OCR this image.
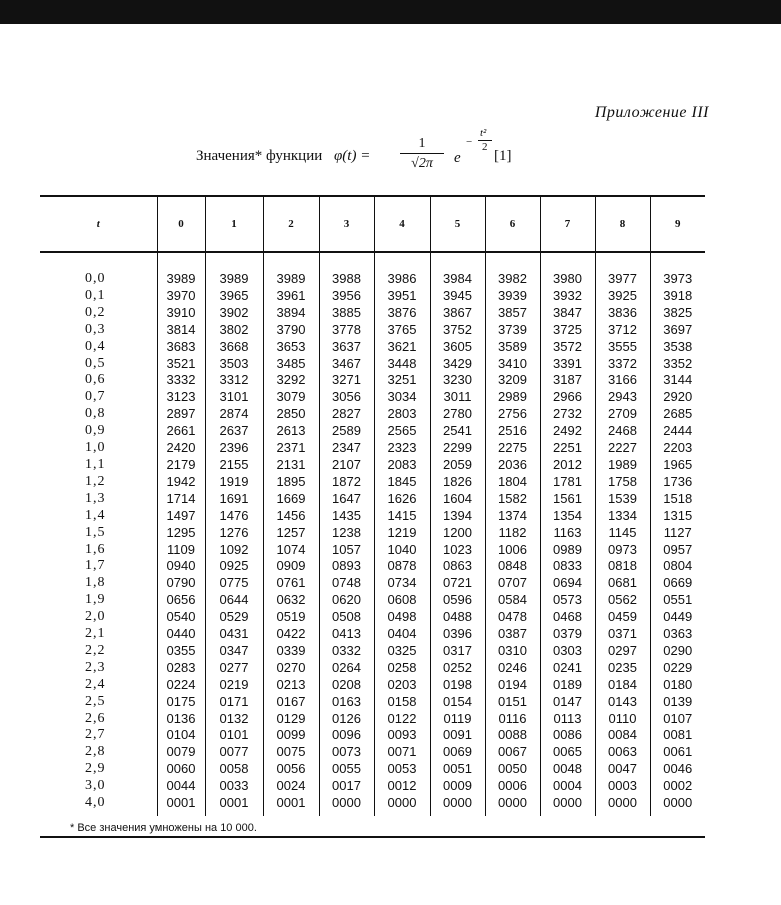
Приложение III
Значения* функции φ(t) =
1
√2π	e
−
t²
2
[1]
t	0	1	2	3	4	5	6	7	8	9

0,0	3989	3989	3989	3988	3986	3984	3982	3980	3977	3973
0,1	3970	3965	3961	3956	3951	3945	3939	3932	3925	3918
0,2	3910	3902	3894	3885	3876	3867	3857	3847	3836	3825
0,3	3814	3802	3790	3778	3765	3752	3739	3725	3712	3697
0,4	3683	3668	3653	3637	3621	3605	3589	3572	3555	3538
0,5	3521	3503	3485	3467	3448	3429	3410	3391	3372	3352
0,6	3332	3312	3292	3271	3251	3230	3209	3187	3166	3144
0,7	3123	3101	3079	3056	3034	3011	2989	2966	2943	2920
0,8	2897	2874	2850	2827	2803	2780	2756	2732	2709	2685
0,9	2661	2637	2613	2589	2565	2541	2516	2492	2468	2444
1,0	2420	2396	2371	2347	2323	2299	2275	2251	2227	2203
1,1	2179	2155	2131	2107	2083	2059	2036	2012	1989	1965
1,2	1942	1919	1895	1872	1845	1826	1804	1781	1758	1736
1,3	1714	1691	1669	1647	1626	1604	1582	1561	1539	1518
1,4	1497	1476	1456	1435	1415	1394	1374	1354	1334	1315
1,5	1295	1276	1257	1238	1219	1200	1182	1163	1145	1127
1,6	1109	1092	1074	1057	1040	1023	1006	0989	0973	0957
1,7	0940	0925	0909	0893	0878	0863	0848	0833	0818	0804
1,8	0790	0775	0761	0748	0734	0721	0707	0694	0681	0669
1,9	0656	0644	0632	0620	0608	0596	0584	0573	0562	0551
2,0	0540	0529	0519	0508	0498	0488	0478	0468	0459	0449
2,1	0440	0431	0422	0413	0404	0396	0387	0379	0371	0363
2,2	0355	0347	0339	0332	0325	0317	0310	0303	0297	0290
2,3	0283	0277	0270	0264	0258	0252	0246	0241	0235	0229
2,4	0224	0219	0213	0208	0203	0198	0194	0189	0184	0180
2,5	0175	0171	0167	0163	0158	0154	0151	0147	0143	0139
2,6	0136	0132	0129	0126	0122	0119	0116	0113	0110	0107
2,7	0104	0101	0099	0096	0093	0091	0088	0086	0084	0081
2,8	0079	0077	0075	0073	0071	0069	0067	0065	0063	0061
2,9	0060	0058	0056	0055	0053	0051	0050	0048	0047	0046
3,0	0044	0033	0024	0017	0012	0009	0006	0004	0003	0002
4,0	0001	0001	0001	0000	0000	0000	0000	0000	0000	0000
* Все значения умножены на 10 000.
